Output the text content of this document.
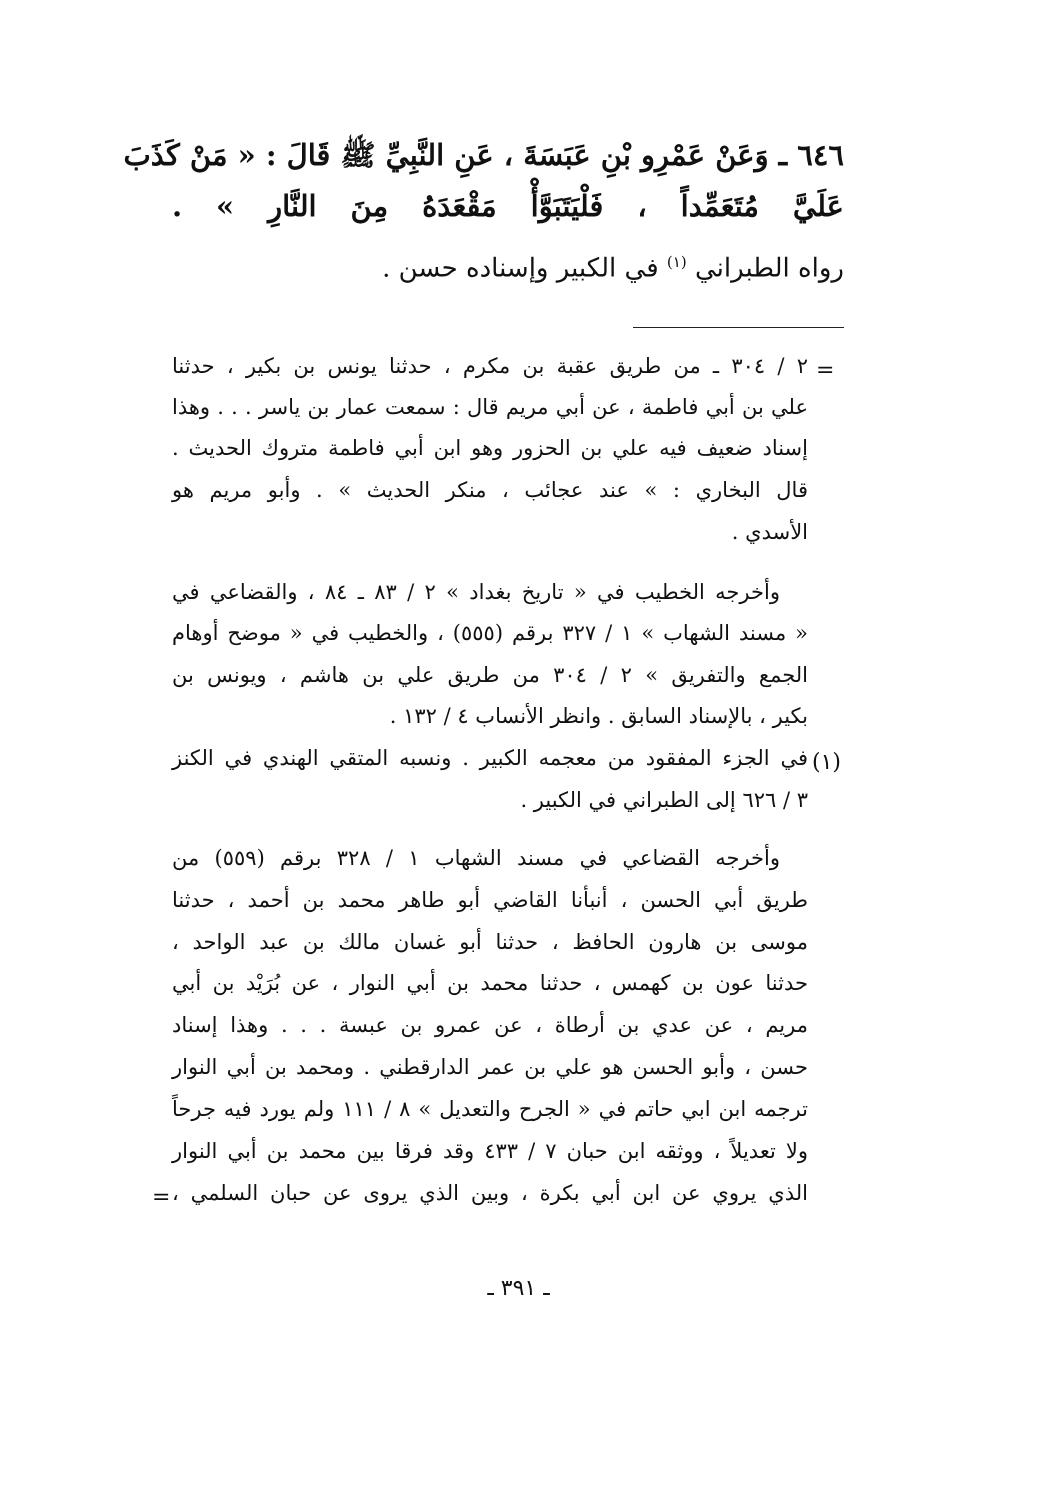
٦٤٦ ـ وَعَنْ عَمْرِو بْنِ عَبَسَةَ ، عَنِ النَّبِيِّ ﷺ قَالَ : « مَنْ كَذَبَ
عَلَيَّ مُتَعَمِّداً ، فَلْيَتَبَوَّأْ مَقْعَدَهُ مِنَ النَّارِ » .
رواه الطبراني $^{(١)}$ في الكبير وإسناده حسن .
=
٢ / ٣٠٤ ـ من طريق عقبة بن مكرم ، حدثنا يونس بن بكير ، حدثنا
علي بن أبي فاطمة ، عن أبي مريم قال : سمعت عمار بن ياسر . . . وهذا
إسناد ضعيف فيه علي بن الحزور وهو ابن أبي فاطمة متروك الحديث .
قال البخاري : » عند عجائب ، منكر الحديث » . وأبو مريم هو
الأسدي .
وأخرجه الخطيب في « تاريخ بغداد » ٢ / ٨٣ ـ ٨٤ ، والقضاعي في
« مسند الشهاب » ١ / ٣٢٧ برقم (٥٥٥) ، والخطيب في « موضح أوهام
الجمع والتفريق » ٢ / ٣٠٤ من طريق علي بن هاشم ، ويونس بن
بكير ، بالإسناد السابق . وانظر الأنساب ٤ / ١٣٢ .
(١)
في الجزء المفقود من معجمه الكبير . ونسبه المتقي الهندي في الكنز
٣ / ٦٢٦ إلى الطبراني في الكبير .
وأخرجه القضاعي في مسند الشهاب ١ / ٣٢٨ برقم (٥٥٩) من
طريق أبي الحسن ، أنبأنا القاضي أبو طاهر محمد بن أحمد ، حدثنا
موسى بن هارون الحافظ ، حدثنا أبو غسان مالك بن عبد الواحد ،
حدثنا عون بن كهمس ، حدثنا محمد بن أبي النوار ، عن بُرَيْد بن أبي
مريم ، عن عدي بن أرطاة ، عن عمرو بن عبسة . . . وهذا إسناد
حسن ، وأبو الحسن هو علي بن عمر الدارقطني . ومحمد بن أبي النوار
ترجمه ابن ابي حاتم في « الجرح والتعديل » ٨ / ١١١ ولم يورد فيه جرحاً
ولا تعديلاً ، ووثقه ابن حبان ٧ / ٤٣٣ وقد فرقا بين محمد بن أبي النوار
الذي يروي عن ابن أبي بكرة ، وبين الذي يروى عن حبان السلمي ،
=
ـ ٣٩١ ـ
